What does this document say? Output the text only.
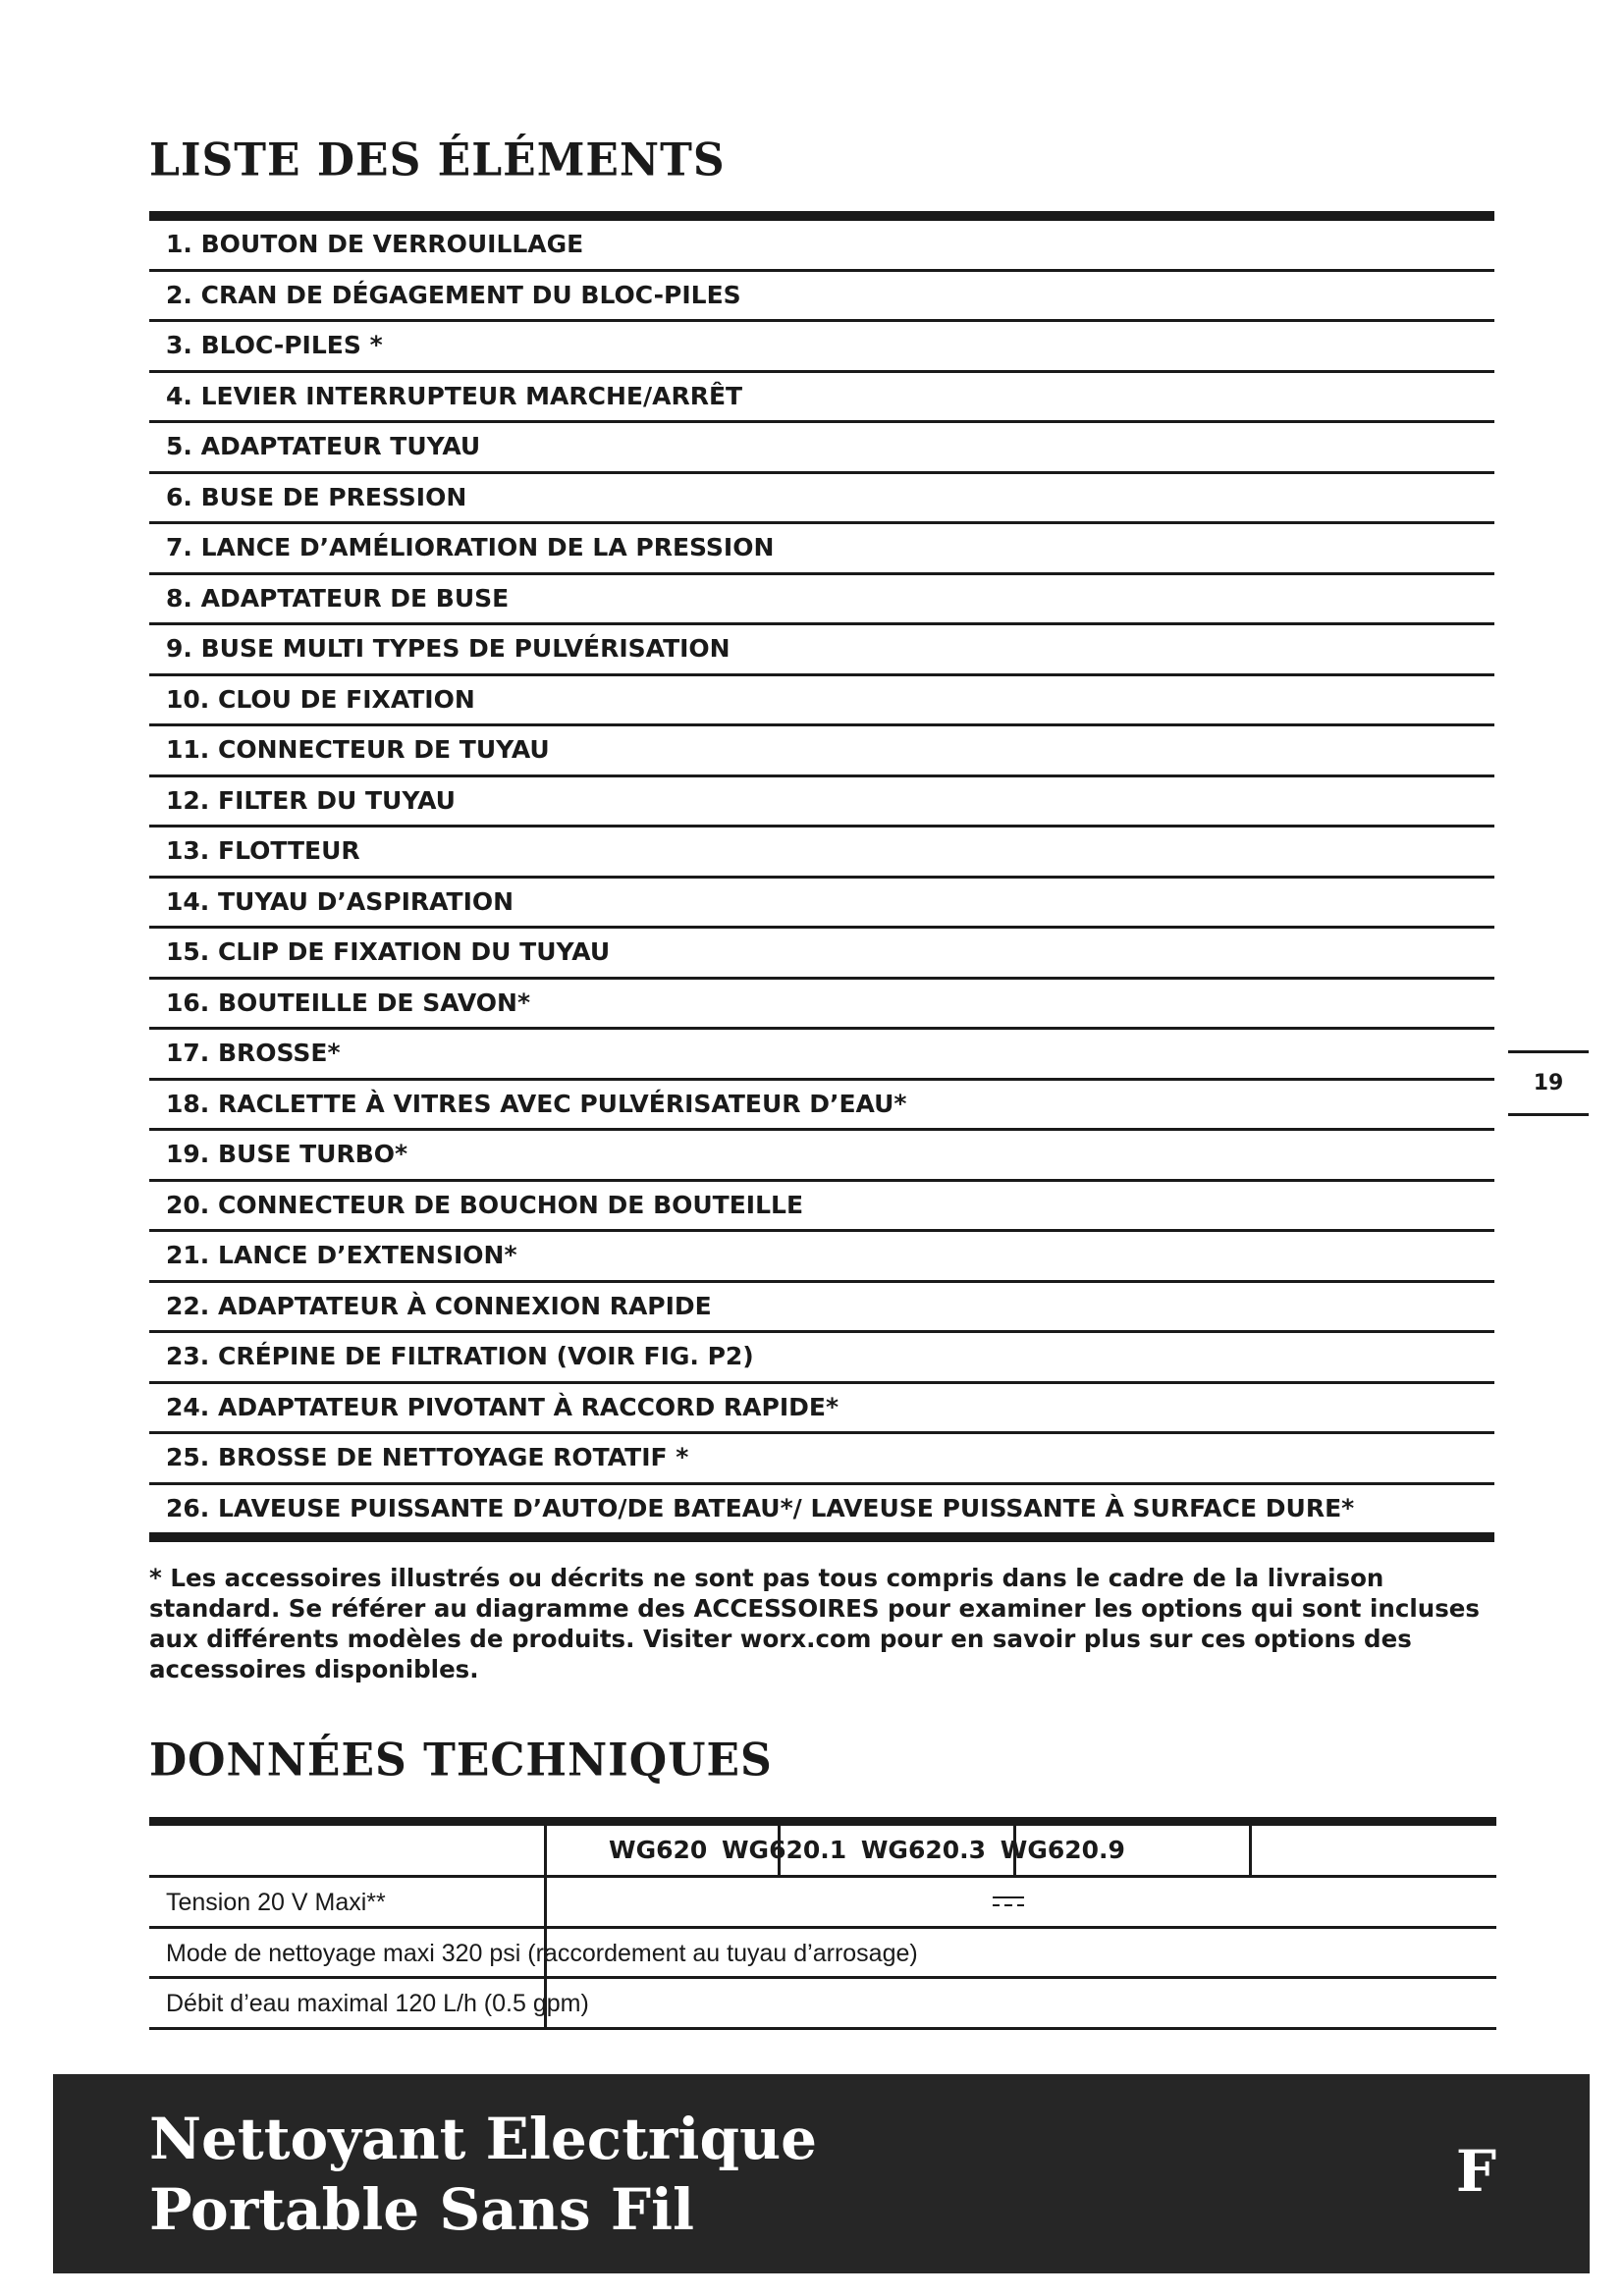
LISTE DES ÉLÉMENTS
1. BOUTON DE VERROUILLAGE
2. CRAN DE DÉGAGEMENT DU BLOC-PILES
3. BLOC-PILES *
4. LEVIER INTERRUPTEUR MARCHE/ARRÊT
5. ADAPTATEUR TUYAU
6. BUSE DE PRESSION
7. LANCE D’AMÉLIORATION DE LA PRESSION
8. ADAPTATEUR DE BUSE
9. BUSE MULTI TYPES DE PULVÉRISATION
10. CLOU DE FIXATION
11. CONNECTEUR DE TUYAU
12. FILTER DU TUYAU
13. FLOTTEUR
14. TUYAU D’ASPIRATION
15. CLIP DE FIXATION DU TUYAU
16. BOUTEILLE DE SAVON*
17. BROSSE*
18. RACLETTE À VITRES AVEC PULVÉRISATEUR D’EAU*
19. BUSE TURBO*
20. CONNECTEUR DE BOUCHON DE BOUTEILLE
21. LANCE D’EXTENSION*
22. ADAPTATEUR À CONNEXION RAPIDE
23. CRÉPINE DE FILTRATION (VOIR FIG. P2)
24. ADAPTATEUR PIVOTANT À RACCORD RAPIDE*
25. BROSSE DE NETTOYAGE ROTATIF *
26. LAVEUSE PUISSANTE D’AUTO/DE BATEAU*/ LAVEUSE PUISSANTE À SURFACE DURE*

* Les accessoires illustrés ou décrits ne sont pas tous compris dans le cadre de la livraison standard. Se référer au diagramme des ACCESSOIRES pour examiner les options qui sont incluses aux différents modèles de produits. Visiter worx.com pour en savoir plus sur ces options des accessoires disponibles.

DONNÉES TECHNIQUES
WG620 WG620.1 WG620.3 WG620.9
Tension 20 V Maxi**
Mode de nettoyage maxi 320 psi (raccordement au tuyau d’arrosage)
Débit d’eau maximal 120 L/h (0.5 gpm)
19
Nettoyant Electrique
Portable Sans Fil
F
